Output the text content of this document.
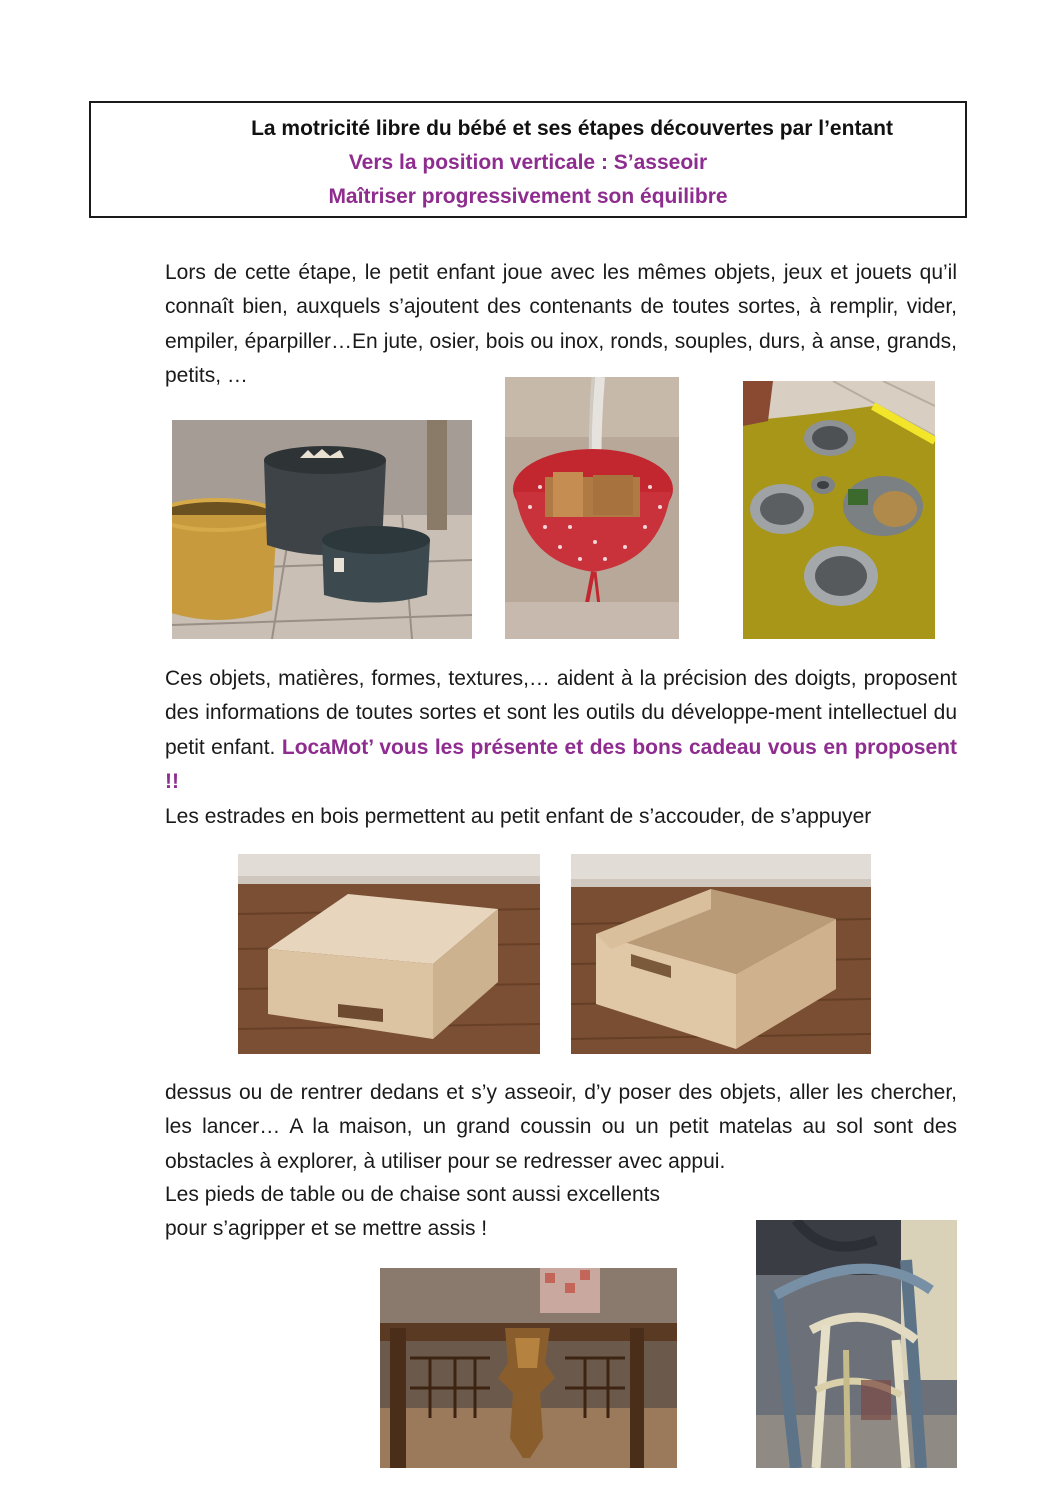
La motricité libre du bébé et ses étapes découvertes par l’entant
Vers la position verticale : S’asseoir
Maîtriser progressivement son équilibre

Lors de cette étape, le petit enfant joue avec les mêmes objets, jeux et jouets qu’il connaît bien, auxquels s’ajoutent des contenants de toutes sortes, à remplir, vider, empiler, éparpiller…En jute, osier, bois ou inox, ronds, souples, durs, à anse, grands, petits, …

Ces objets, matières, formes, textures,… aident à la précision des doigts, proposent des informations de toutes sortes et sont les outils du développe-ment intellectuel du petit enfant. LocaMot’ vous les présente et des bons cadeau vous en proposent !!

Les estrades en bois permettent au petit enfant de s’accouder, de s’appuyer

dessus ou de rentrer dedans et s’y asseoir, d’y poser des objets, aller les chercher, les lancer… A la maison, un grand coussin ou un petit matelas au sol sont des obstacles à explorer, à utiliser pour se redresser avec appui.

Les pieds de table ou de chaise sont aussi excellents
pour s’agripper et se mettre assis !
